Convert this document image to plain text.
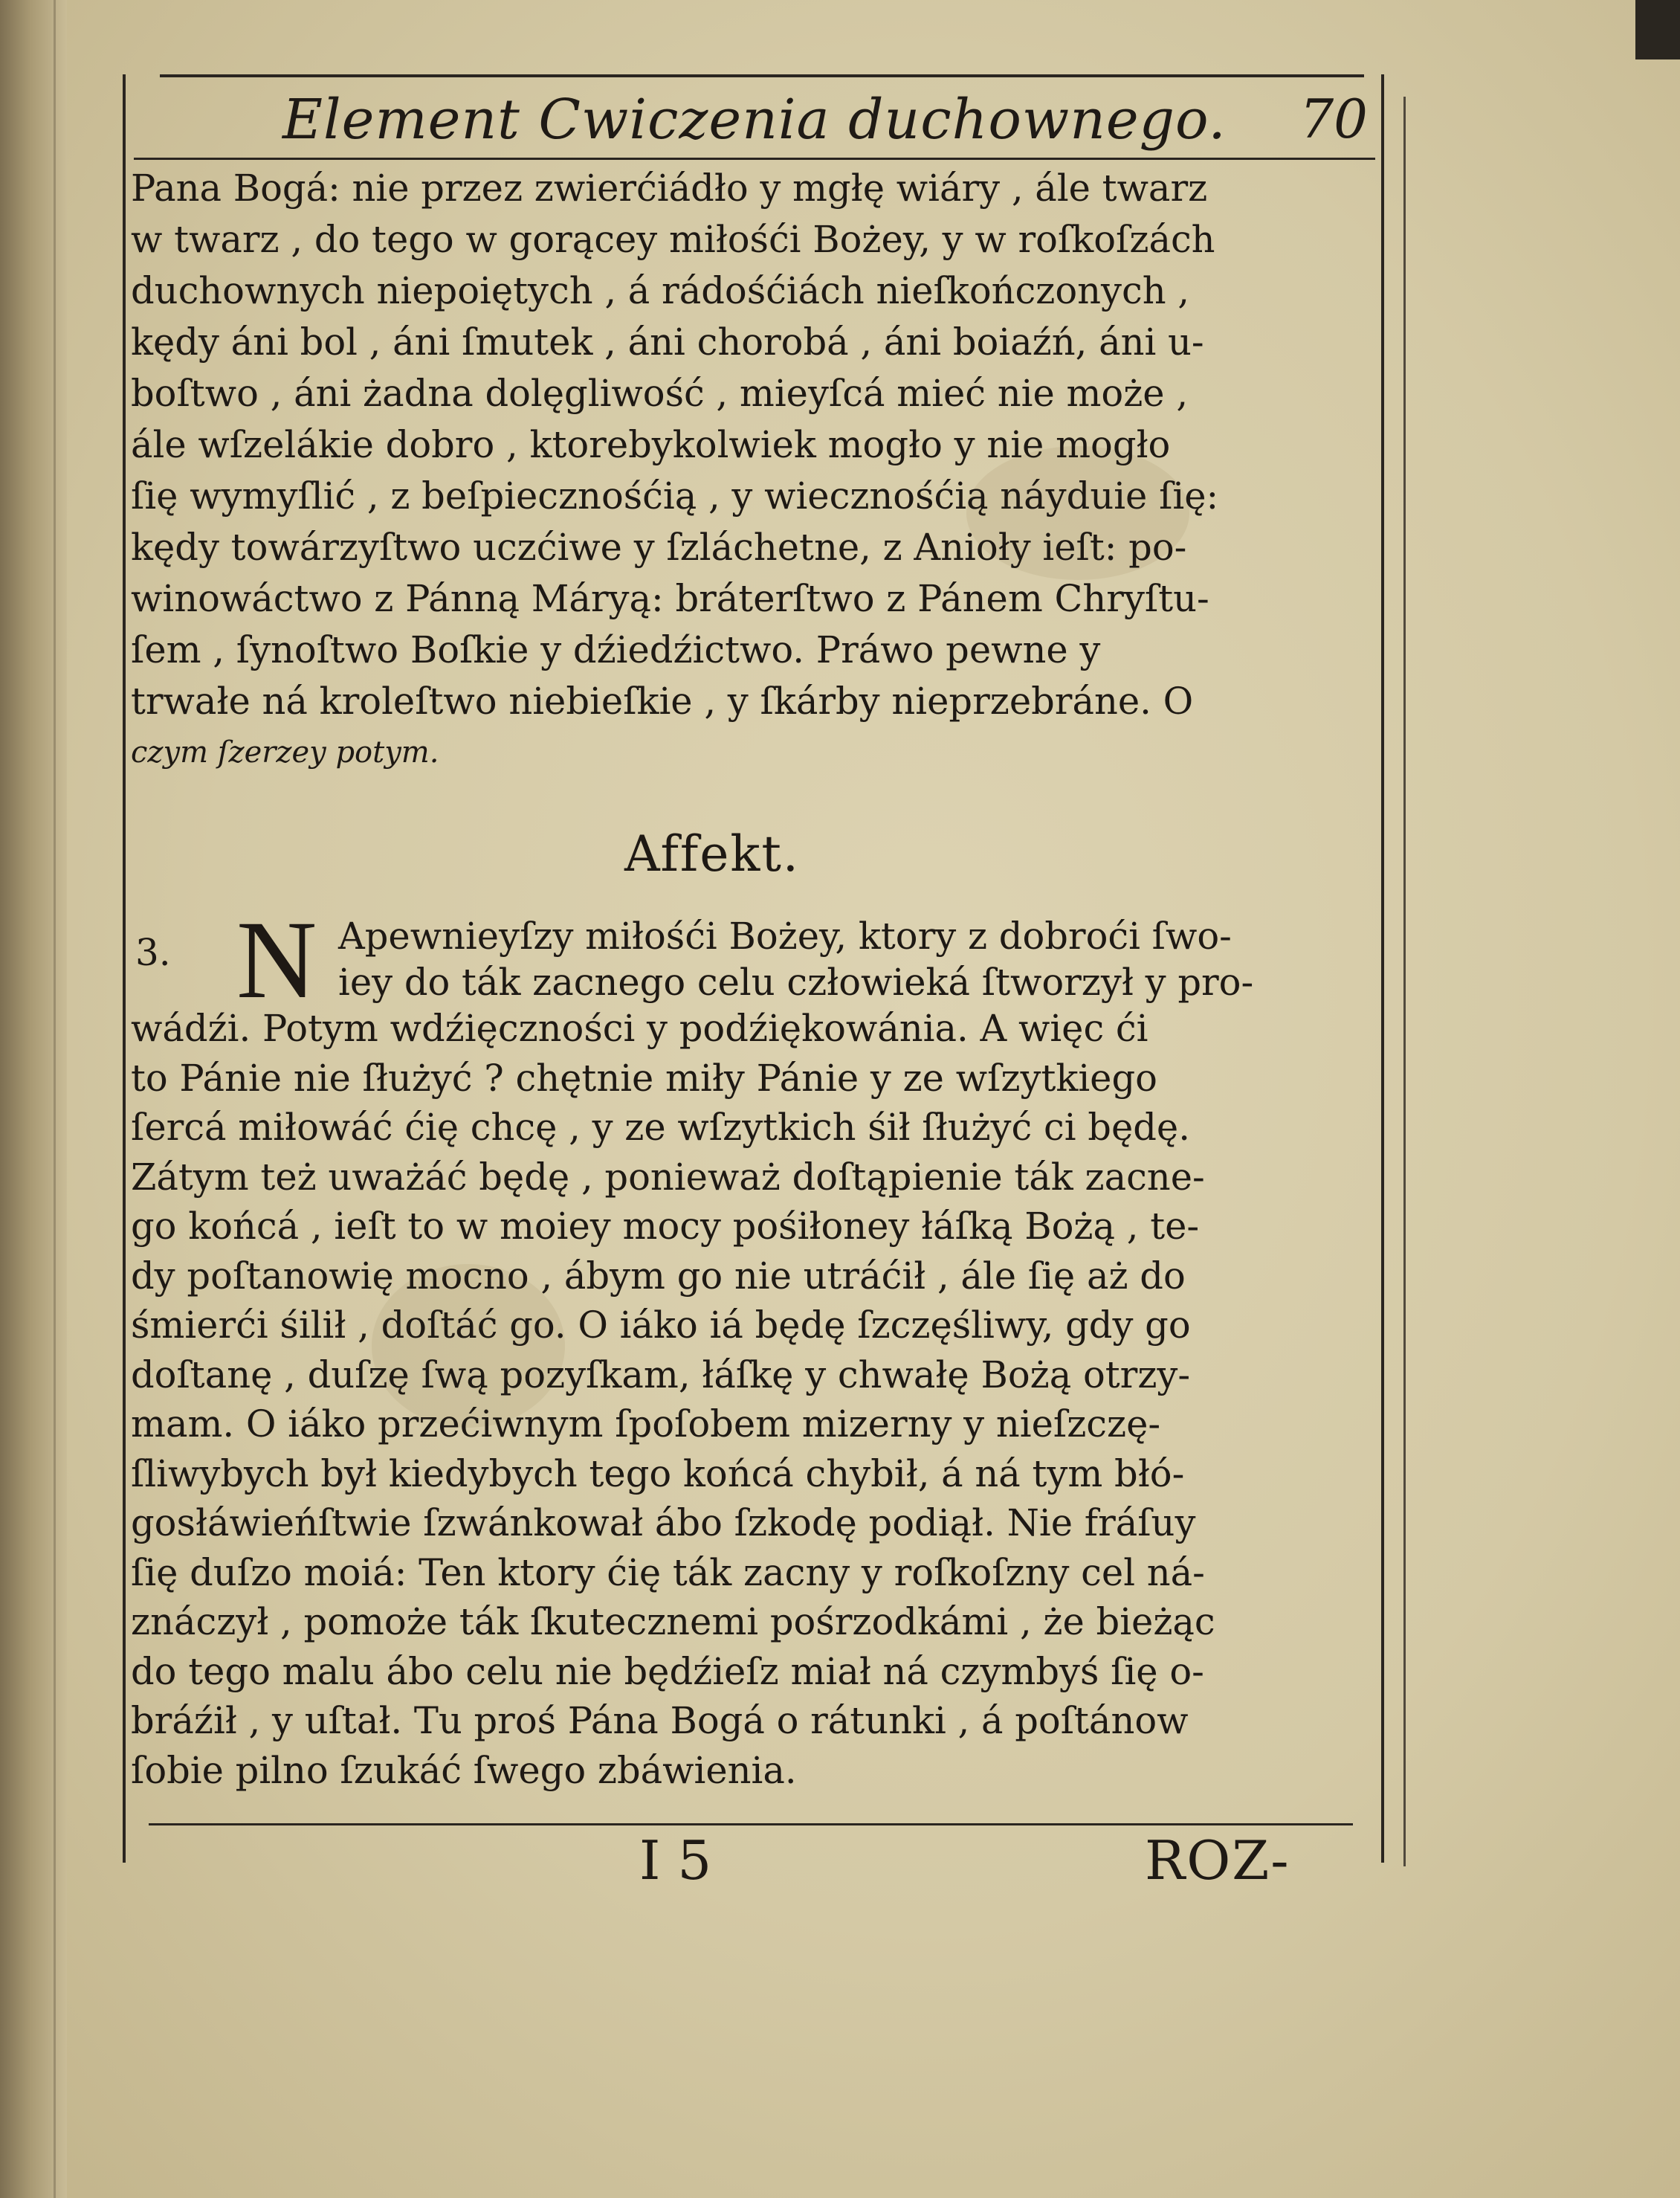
Element Cwiczenia duchownego. 70
Pana Bogá: nie przez zwierćiádło y mgłę wiáry , ále twarz
w twarz , do tego w gorącey miłośći Bożey, y w roſkoſzách
duchownych niepoiętych , á rádośćiách nieſkończonych ,
kędy áni bol , áni ſmutek , áni chorobá , áni boiaźń, áni u-
boſtwo , áni żadna dolęgliwość , mieyſcá mieć nie może ,
ále wſzelákie dobro , ktorebykolwiek mogło y nie mogło
ſię wymyſlić , z beſpiecznośćią , y wiecznośćią náyduie ſię:
kędy towárzyſtwo uczćiwe y ſzláchetne, z Anioły ieſt: po-
winowáctwo z Pánną Máryą: bráterſtwo z Pánem Chryſtu-
ſem , ſynoſtwo Boſkie y dźiedźictwo. Práwo pewne y
trwałe ná kroleſtwo niebieſkie , y ſkárby nieprzebráne. O
czym ſzerzey potym.
Affekt.
3. N Apewnieyſzy miłośći Bożey, ktory z dobroći ſwo-
iey do ták zacnego celu człowieká ſtworzył y pro-
wádźi. Potym wdźięczności y podźiękowánia. A więc ći
to Pánie nie ſłużyć ? chętnie miły Pánie y ze wſzytkiego
ſercá miłowáć ćię chcę , y ze wſzytkich śił ſłużyć ci będę.
Zátym też uważáć będę , ponieważ doſtąpienie ták zacne-
go końcá , ieſt to w moiey mocy pośiłoney łáſką Bożą , te-
dy poſtanowię mocno , ábym go nie utráćił , ále ſię aż do
śmierći śilił , doſtáć go. O iáko iá będę ſzczęśliwy, gdy go
doſtanę , duſzę ſwą pozyſkam, łáſkę y chwałę Bożą otrzy-
mam. O iáko przećiwnym ſpoſobem mizerny y nieſzczę-
ſliwybych był kiedybych tego końcá chybił, á ná tym błó-
gosłáwieńſtwie ſzwánkował ábo ſzkodę podiął. Nie fráſuy
ſię duſzo moiá: Ten ktory ćię ták zacny y roſkoſzny cel ná-
znáczył , pomoże ták ſkutecznemi pośrzodkámi , że bieżąc
do tego malu ábo celu nie będźieſz miał ná czymbyś ſię o-
bráźił , y uſtał. Tu proś Pána Bogá o rátunki , á poſtánow
ſobie pilno ſzukáć ſwego zbáwienia.
I 5	ROZ-
